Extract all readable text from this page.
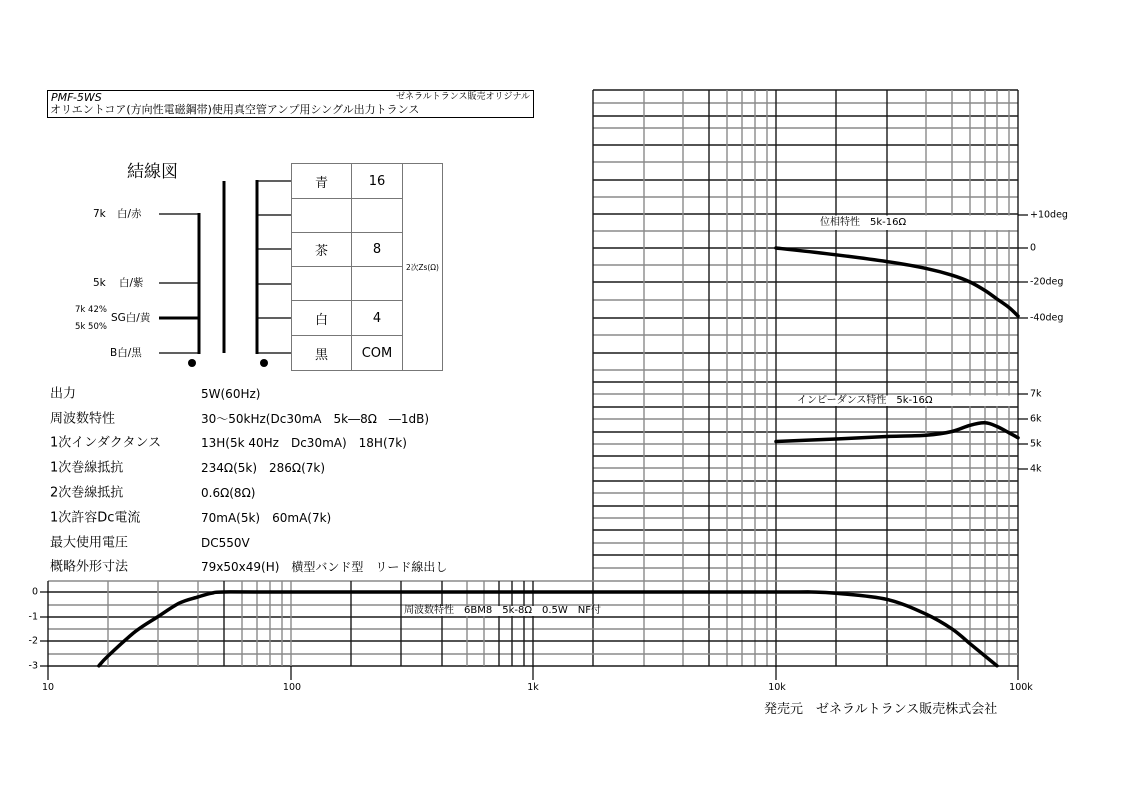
PMF-5WS	ゼネラルトランス販売オリジナル
オリエントコア(方向性電磁鋼帯)使用真空管アンプ用シングル出力トランス
結線図
7k 白/赤
5k 白/紫
7k 42%
5k 50%
SG白/黄
B白/黒
青	16	2次Zs(Ω)

茶	8	

白	4	
黒	COM	
出力	5W(60Hz)
周波数特性	30〜50kHz(Dc30mA　5k―8Ω　―1dB)
1次インダクタンス	13H(5k 40Hz　Dc30mA)　18H(7k)
1次巻線抵抗	234Ω(5k)　286Ω(7k)
2次巻線抵抗	0.6Ω(8Ω)
1次許容Dc電流	70mA(5k)　60mA(7k)
最大使用電圧	DC550V
概略外形寸法	79x50x49(H)　横型バンド型　リード線出し
位相特性　5k-16Ω
インピーダンス特性　5k-16Ω
周波数特性　6BM8　5k-8Ω　0.5W　NF付
0
-1
-2
-3
10	100	1k	10k	100k
+10deg
0
-20deg
-40deg
7k
6k
5k
4k
発売元　ゼネラルトランス販売株式会社
